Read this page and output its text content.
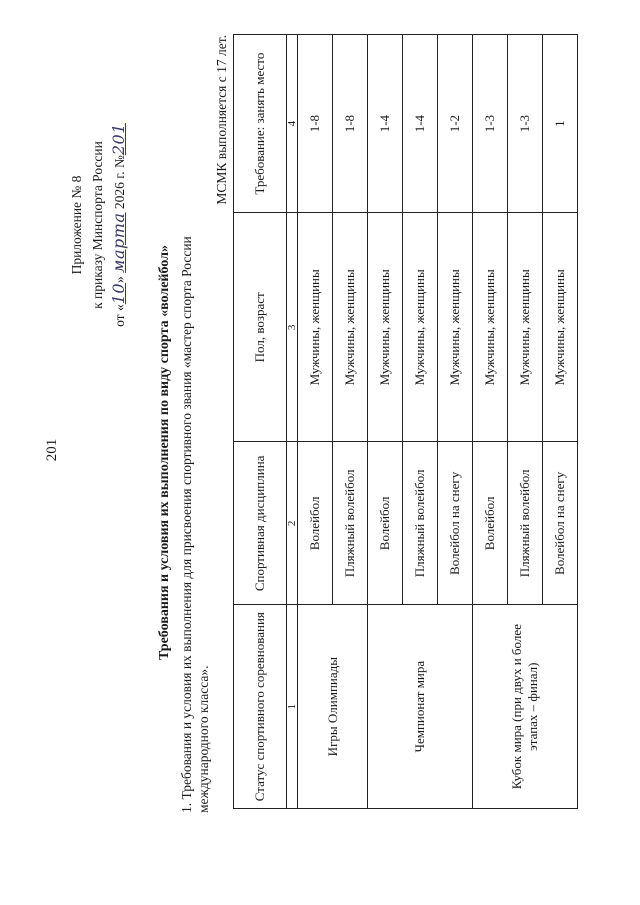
201
Приложение № 8 к приказу Минспорта России
от «10» марта 2026 г. №201
Требования и условия их выполнения по виду спорта «волейбол» 1. Требования и условия их выполнения для присвоения спортивного звания «мастер спорта России международного класса».
МСМК выполняется с 17 лет.
Статус спортивного соревнования	Спортивная дисциплина	Пол, возраст	Требование: занять место
1	2	3	4
Игры Олимпиады	Волейбол	Мужчины, женщины	1-8
	Пляжный волейбол	Мужчины, женщины	1-8
Чемпионат мира	Волейбол	Мужчины, женщины	1-4
	Пляжный волейбол	Мужчины, женщины	1-4
	Волейбол на снегу	Мужчины, женщины	1-2
Кубок мира (при двух и более этапах – финал)	Волейбол	Мужчины, женщины	1-3
	Пляжный волейбол	Мужчины, женщины	1-3
	Волейбол на снегу	Мужчины, женщины	1
